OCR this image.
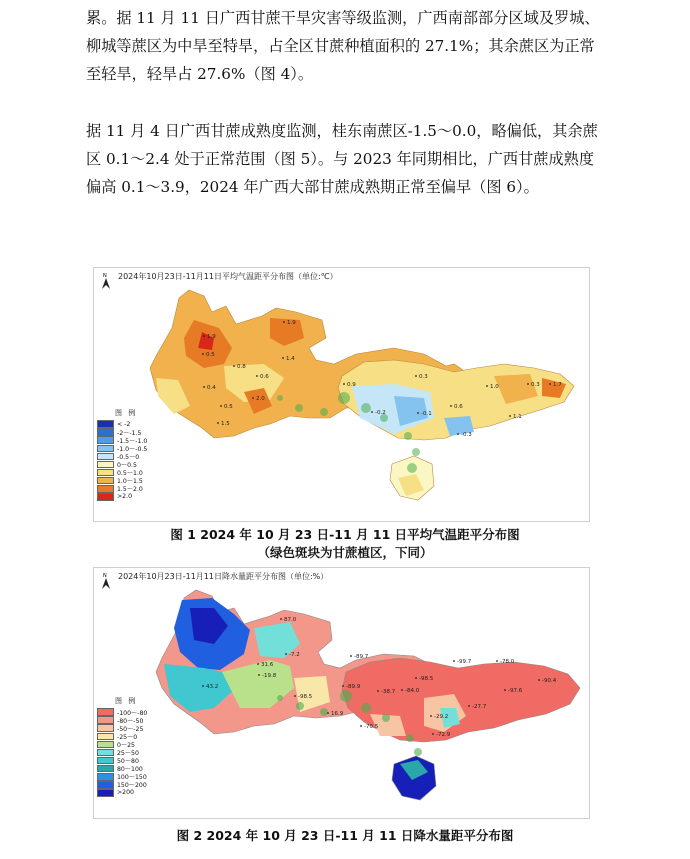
累。据 11 月 11 日广西甘蔗干旱灾害等级监测，广西南部部分区域及罗城、柳城等蔗区为中旱至特旱，占全区甘蔗种植面积的 27.1%；其余蔗区为正常至轻旱，轻旱占 27.6%（图 4）。

据 11 月 4 日广西甘蔗成熟度监测，桂东南蔗区-1.5～0.0，略偏低，其余蔗区 0.1～2.4 处于正常范围（图 5）。与 2023 年同期相比，广西甘蔗成熟度偏高 0.1～3.9，2024 年广西大部甘蔗成熟期正常至偏早（图 6）。

N 2024年10月23日-11月11日平均气温距平分布图（单位:℃）
1.9
0.5
0.8
1.4
0.6
0.4
0.5
2.0
1.9
0.9
-0.2	-0.1
0.6
0.3
1.0	0.3 1.7
1.1
-0.3
1.5
图 例
< -2
-2～-1.5
-1.5～-1.0
-1.0～-0.5
-0.5～0
0～0.5
0.5～1.0
1.0～1.5
1.5～2.0
>2.0
图 1 2024 年 10 月 23 日-11 月 11 日平均气温距平分布图
（绿色斑块为甘蔗植区，下同）
N 2024年10月23日-11月11日降水量距平分布图（单位:%）
87.0
-7.2
31.6
-19.8
43.2
-98.5
-89.7
-98.5
-84.0
-99.7	-78.0
-97.6
-90.4
-38.7
-27.7
-89.9
16.9
-70.5
-29.2
-72.9
图 例
-100～-80
-80～-50
-50～-25
-25～0
0～25
25～50
50～80
80～100
100～150
150～200
>200
图 2 2024 年 10 月 23 日-11 月 11 日降水量距平分布图
